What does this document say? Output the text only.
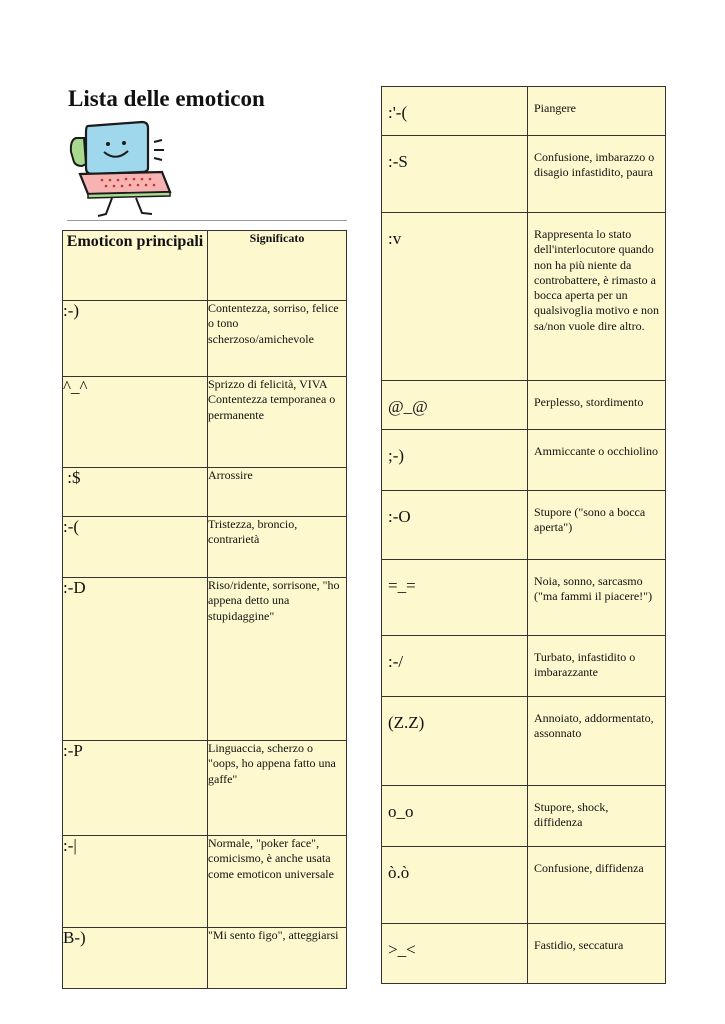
Lista delle emoticon
Emoticon principali	Significato
:-)	Contentezza, sorriso, felice o tono scherzoso/amichevole
^_^	Sprizzo di felicità, VIVA Contentezza temporanea o permanente
:$	Arrossire
:-(	Tristezza, broncio, contrarietà
:-D	Riso/ridente, sorrisone, "ho appena detto una stupidaggine"
:-P	Linguaccia, scherzo o "oops, ho appena fatto una gaffe"
:-|	Normale, "poker face", comicismo, è anche usata come emoticon universale
B-)	"Mi sento figo", atteggiarsi
:'-(	Piangere
:-S	Confusione, imbarazzo o disagio infastidito, paura
:v	Rappresenta lo stato dell'interlocutore quando non ha più niente da controbattere, è rimasto a bocca aperta per un qualsivoglia motivo e non sa/non vuole dire altro.
@_@	Perplesso, stordimento
;-)	Ammiccante o occhiolino
:-O	Stupore ("sono a bocca aperta")
=_=	Noia, sonno, sarcasmo ("ma fammi il piacere!")
:-/	Turbato, infastidito o imbarazzante
(Z.Z)	Annoiato, addormentato, assonnato
o_o	Stupore, shock, diffidenza
ò.ò	Confusione, diffidenza
>_<	Fastidio, seccatura
